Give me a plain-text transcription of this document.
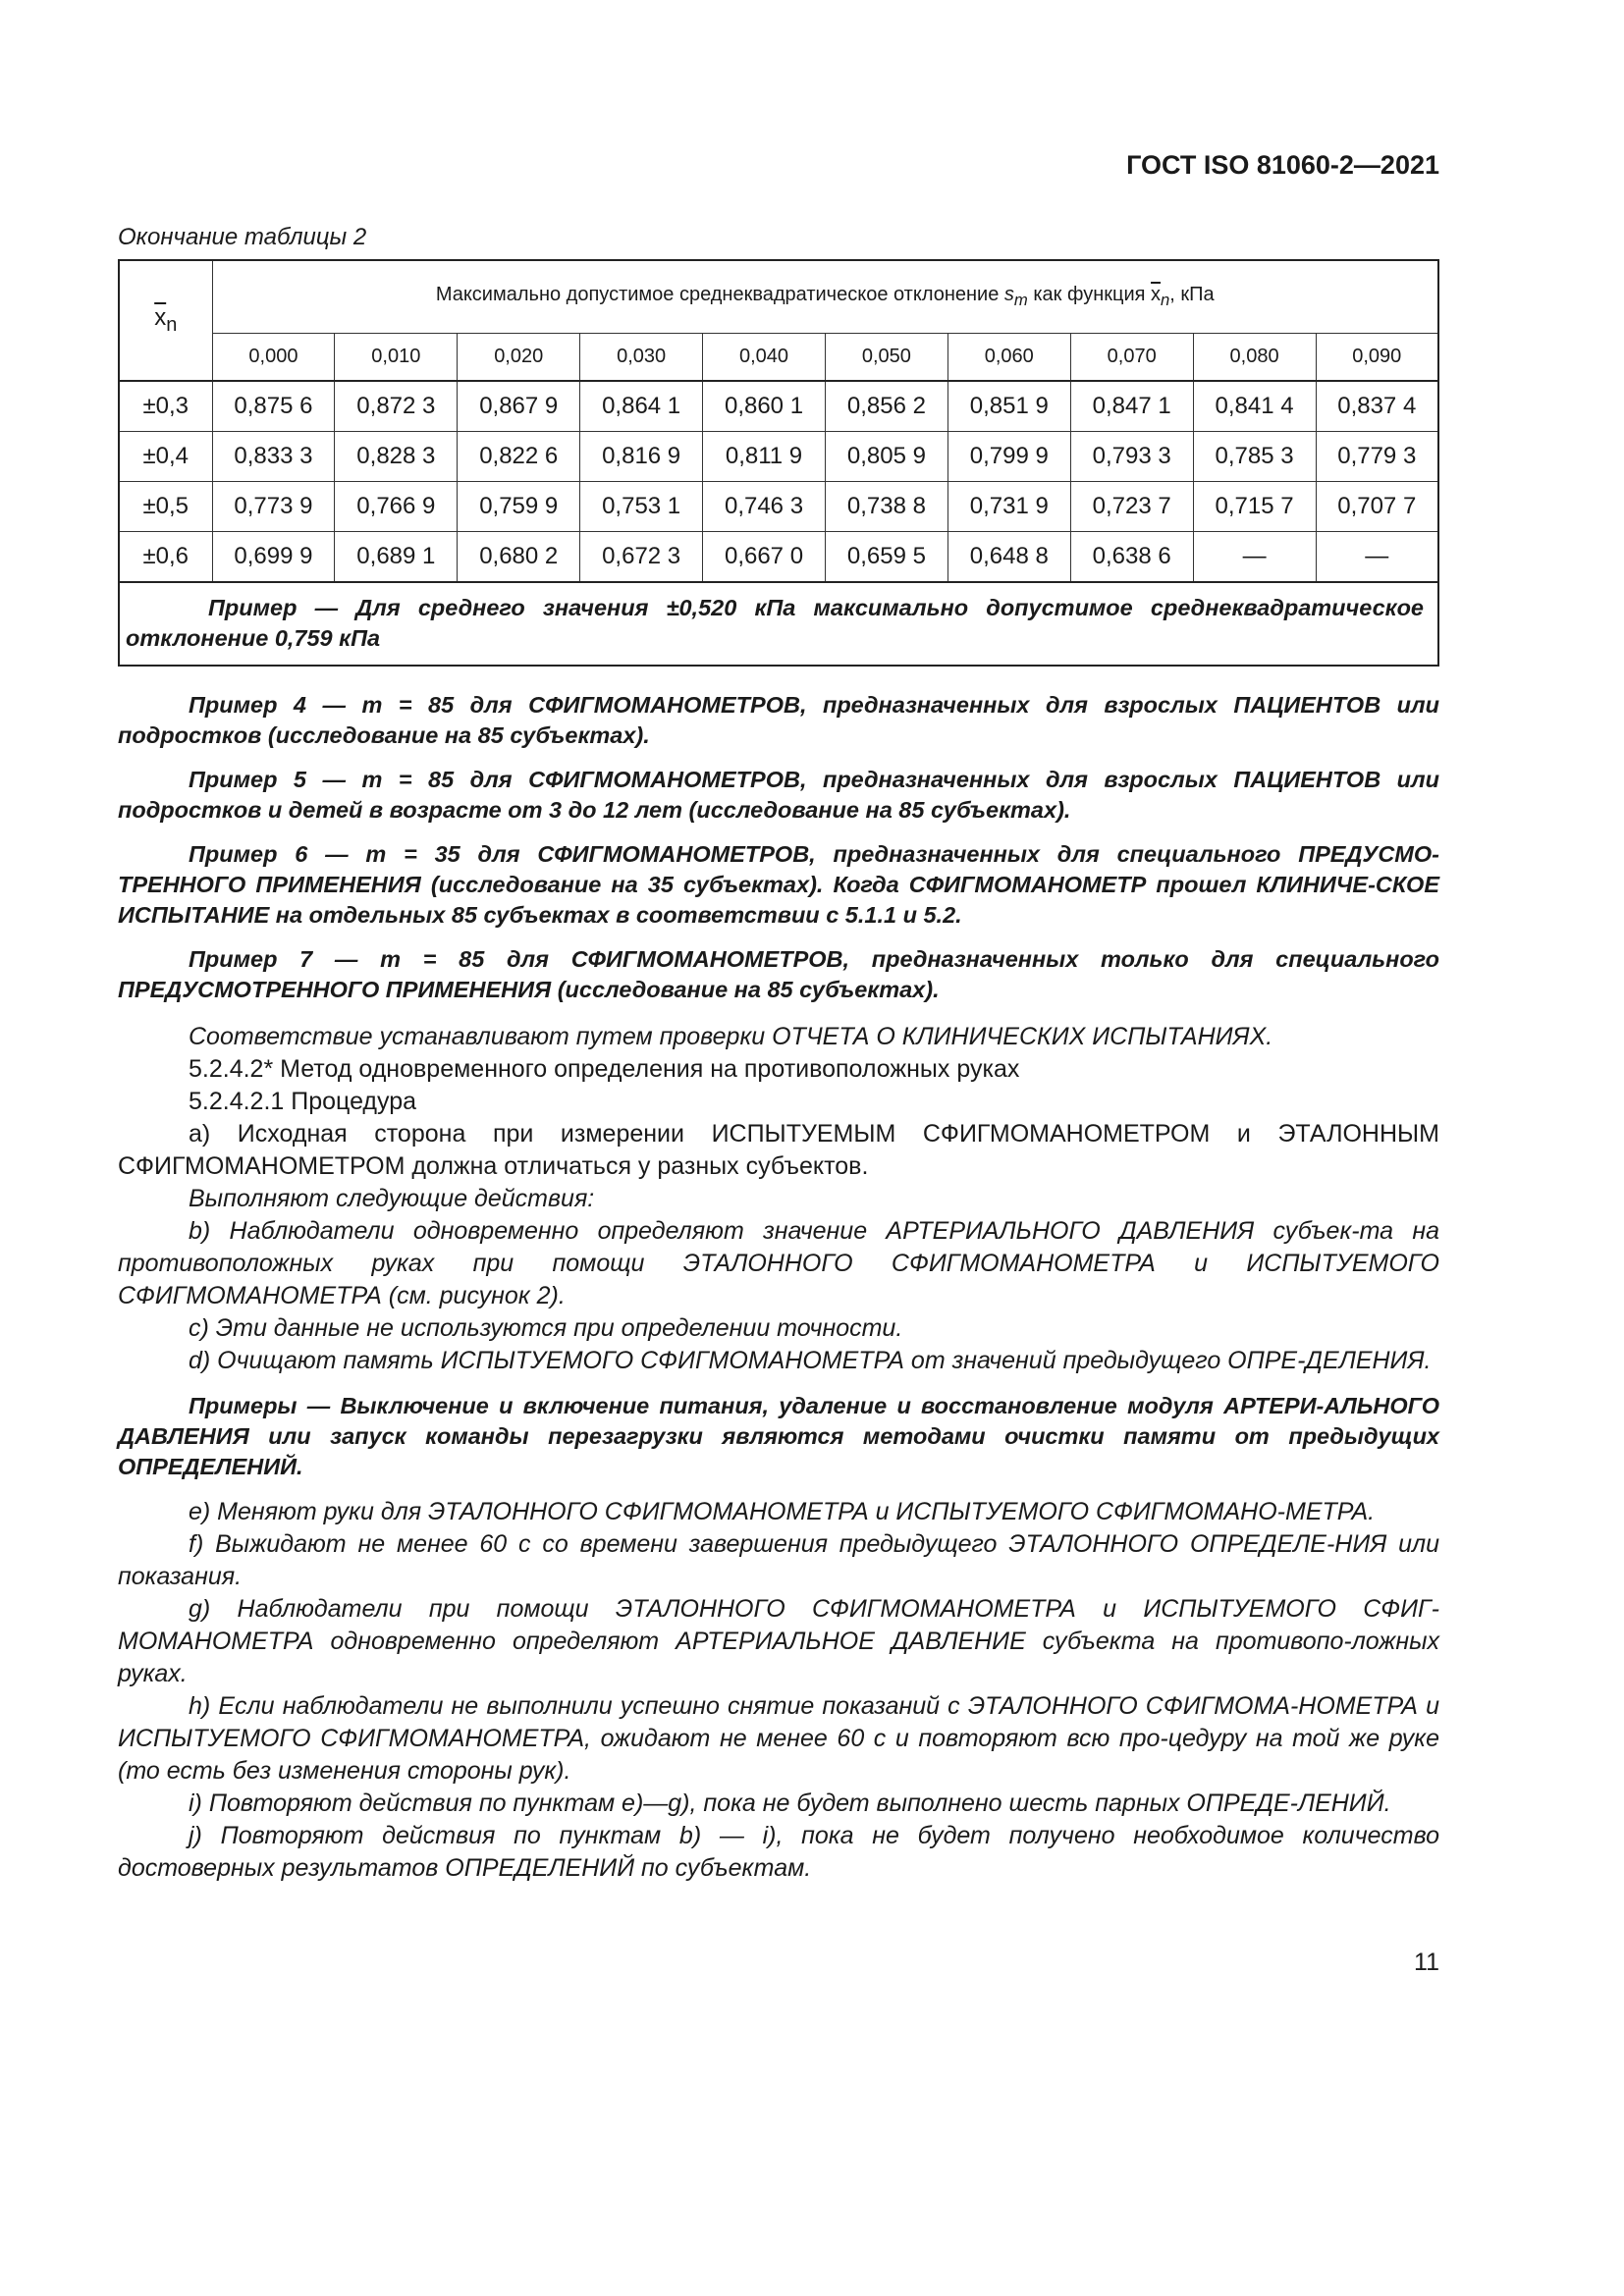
ГОСТ ISO 81060-2—2021
Окончание таблицы 2
$\overline{x}_n$	Максимально допустимое среднеквадратическое отклонение $s_m$ как функция $\overline{x}_n$, кПа									
	0,000	0,010	0,020	0,030	0,040	0,050	0,060	0,070	0,080	0,090
±0,3	0,875 6	0,872 3	0,867 9	0,864 1	0,860 1	0,856 2	0,851 9	0,847 1	0,841 4	0,837 4
±0,4	0,833 3	0,828 3	0,822 6	0,816 9	0,811 9	0,805 9	0,799 9	0,793 3	0,785 3	0,779 3
±0,5	0,773 9	0,766 9	0,759 9	0,753 1	0,746 3	0,738 8	0,731 9	0,723 7	0,715 7	0,707 7
±0,6	0,699 9	0,689 1	0,680 2	0,672 3	0,667 0	0,659 5	0,648 8	0,638 6	—	—

Пример — Для среднего значения ±0,520 кПа максимально допустимое среднеквадратическое отклонение 0,759 кПа										

Пример 4 — m = 85 для СФИГМОМАНОМЕТРОВ, предназначенных для взрослых ПАЦИЕНТОВ или подростков (исследование на 85 субъектах).

Пример 5 — m = 85 для СФИГМОМАНОМЕТРОВ, предназначенных для взрослых ПАЦИЕНТОВ или подростков и детей в возрасте от 3 до 12 лет (исследование на 85 субъектах).

Пример 6 — m = 35 для СФИГМОМАНОМЕТРОВ, предназначенных для специального ПРЕДУСМО-ТРЕННОГО ПРИМЕНЕНИЯ (исследование на 35 субъектах). Когда СФИГМОМАНОМЕТР прошел КЛИНИЧЕ-СКОЕ ИСПЫТАНИЕ на отдельных 85 субъектах в соответствии с 5.1.1 и 5.2.

Пример 7 — m = 85 для СФИГМОМАНОМЕТРОВ, предназначенных только для специального ПРЕДУСМОТРЕННОГО ПРИМЕНЕНИЯ (исследование на 85 субъектах).

Соответствие устанавливают путем проверки ОТЧЕТА О КЛИНИЧЕСКИХ ИСПЫТАНИЯХ.

5.2.4.2* Метод одновременного определения на противоположных руках

5.2.4.2.1 Процедура

a) Исходная сторона при измерении ИСПЫТУЕМЫМ СФИГМОМАНОМЕТРОМ и ЭТАЛОННЫМ СФИГМОМАНОМЕТРОМ должна отличаться у разных субъектов.

Выполняют следующие действия:

b) Наблюдатели одновременно определяют значение АРТЕРИАЛЬНОГО ДАВЛЕНИЯ субъек-та на противоположных руках при помощи ЭТАЛОННОГО СФИГМОМАНОМЕТРА и ИСПЫТУЕМОГО СФИГМОМАНОМЕТРА (см. рисунок 2).

c) Эти данные не используются при определении точности.

d) Очищают память ИСПЫТУЕМОГО СФИГМОМАНОМЕТРА от значений предыдущего ОПРЕ-ДЕЛЕНИЯ.

Примеры — Выключение и включение питания, удаление и восстановление модуля АРТЕРИ-АЛЬНОГО ДАВЛЕНИЯ или запуск команды перезагрузки являются методами очистки памяти от предыдущих ОПРЕДЕЛЕНИЙ.

e) Меняют руки для ЭТАЛОННОГО СФИГМОМАНОМЕТРА и ИСПЫТУЕМОГО СФИГМОМАНО-МЕТРА.

f) Выжидают не менее 60 с со времени завершения предыдущего ЭТАЛОННОГО ОПРЕДЕЛЕ-НИЯ или показания.

g) Наблюдатели при помощи ЭТАЛОННОГО СФИГМОМАНОМЕТРА и ИСПЫТУЕМОГО СФИГ-МОМАНОМЕТРА одновременно определяют АРТЕРИАЛЬНОЕ ДАВЛЕНИЕ субъекта на противопо-ложных руках.

h) Если наблюдатели не выполнили успешно снятие показаний с ЭТАЛОННОГО СФИГМОМА-НОМЕТРА и ИСПЫТУЕМОГО СФИГМОМАНОМЕТРА, ожидают не менее 60 с и повторяют всю про-цедуру на той же руке (то есть без изменения стороны рук).

i) Повторяют действия по пунктам e)—g), пока не будет выполнено шесть парных ОПРЕДЕ-ЛЕНИЙ.

j) Повторяют действия по пунктам b) — i), пока не будет получено необходимое количество достоверных результатов ОПРЕДЕЛЕНИЙ по субъектам.

11
